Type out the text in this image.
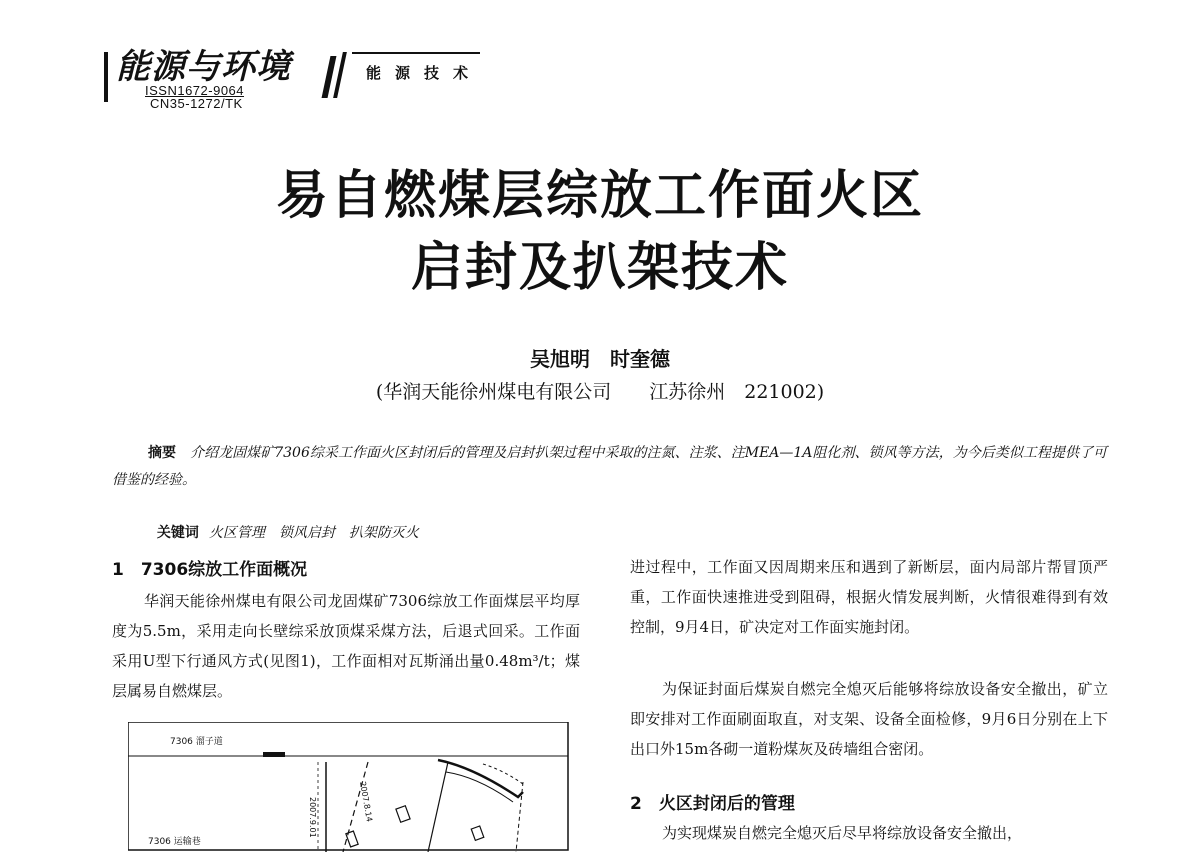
能源与环境
ISSN1672-9064
CN35-1272/TK
能源技术
易自燃煤层综放工作面火区
启封及扒架技术
吴旭明　时奎德
(华润天能徐州煤电有限公司　　江苏徐州　221002)
摘要 介绍龙固煤矿7306综采工作面火区封闭后的管理及启封扒架过程中采取的注氮、注浆、注MEA—1A阻化剂、锁风等方法，为今后类似工程提供了可借鉴的经验。

关键词 火区管理　锁风启封　扒架防灭火

1　7306综放工作面概况
华润天能徐州煤电有限公司龙固煤矿7306综放工作面煤层平均厚度为5.5m，采用走向长壁综采放顶煤采煤方法，后退式回采。工作面采用U型下行通风方式(见图1)，工作面相对瓦斯涌出量0.48m³/t；煤层属易自燃煤层。
7306 溜子道
7306 运输巷
2007.9.01	2007.8.14
进过程中，工作面又因周期来压和遇到了新断层，面内局部片帮冒顶严重，工作面快速推进受到阻碍，根据火情发展判断，火情很难得到有效控制，9月4日，矿决定对工作面实施封闭。
为保证封面后煤炭自燃完全熄灭后能够将综放设备安全撤出，矿立即安排对工作面刷面取直，对支架、设备全面检修，9月6日分别在上下出口外15m各砌一道粉煤灰及砖墙组合密闭。
2　火区封闭后的管理
为实现煤炭自燃完全熄灭后尽早将综放设备安全撤出，
